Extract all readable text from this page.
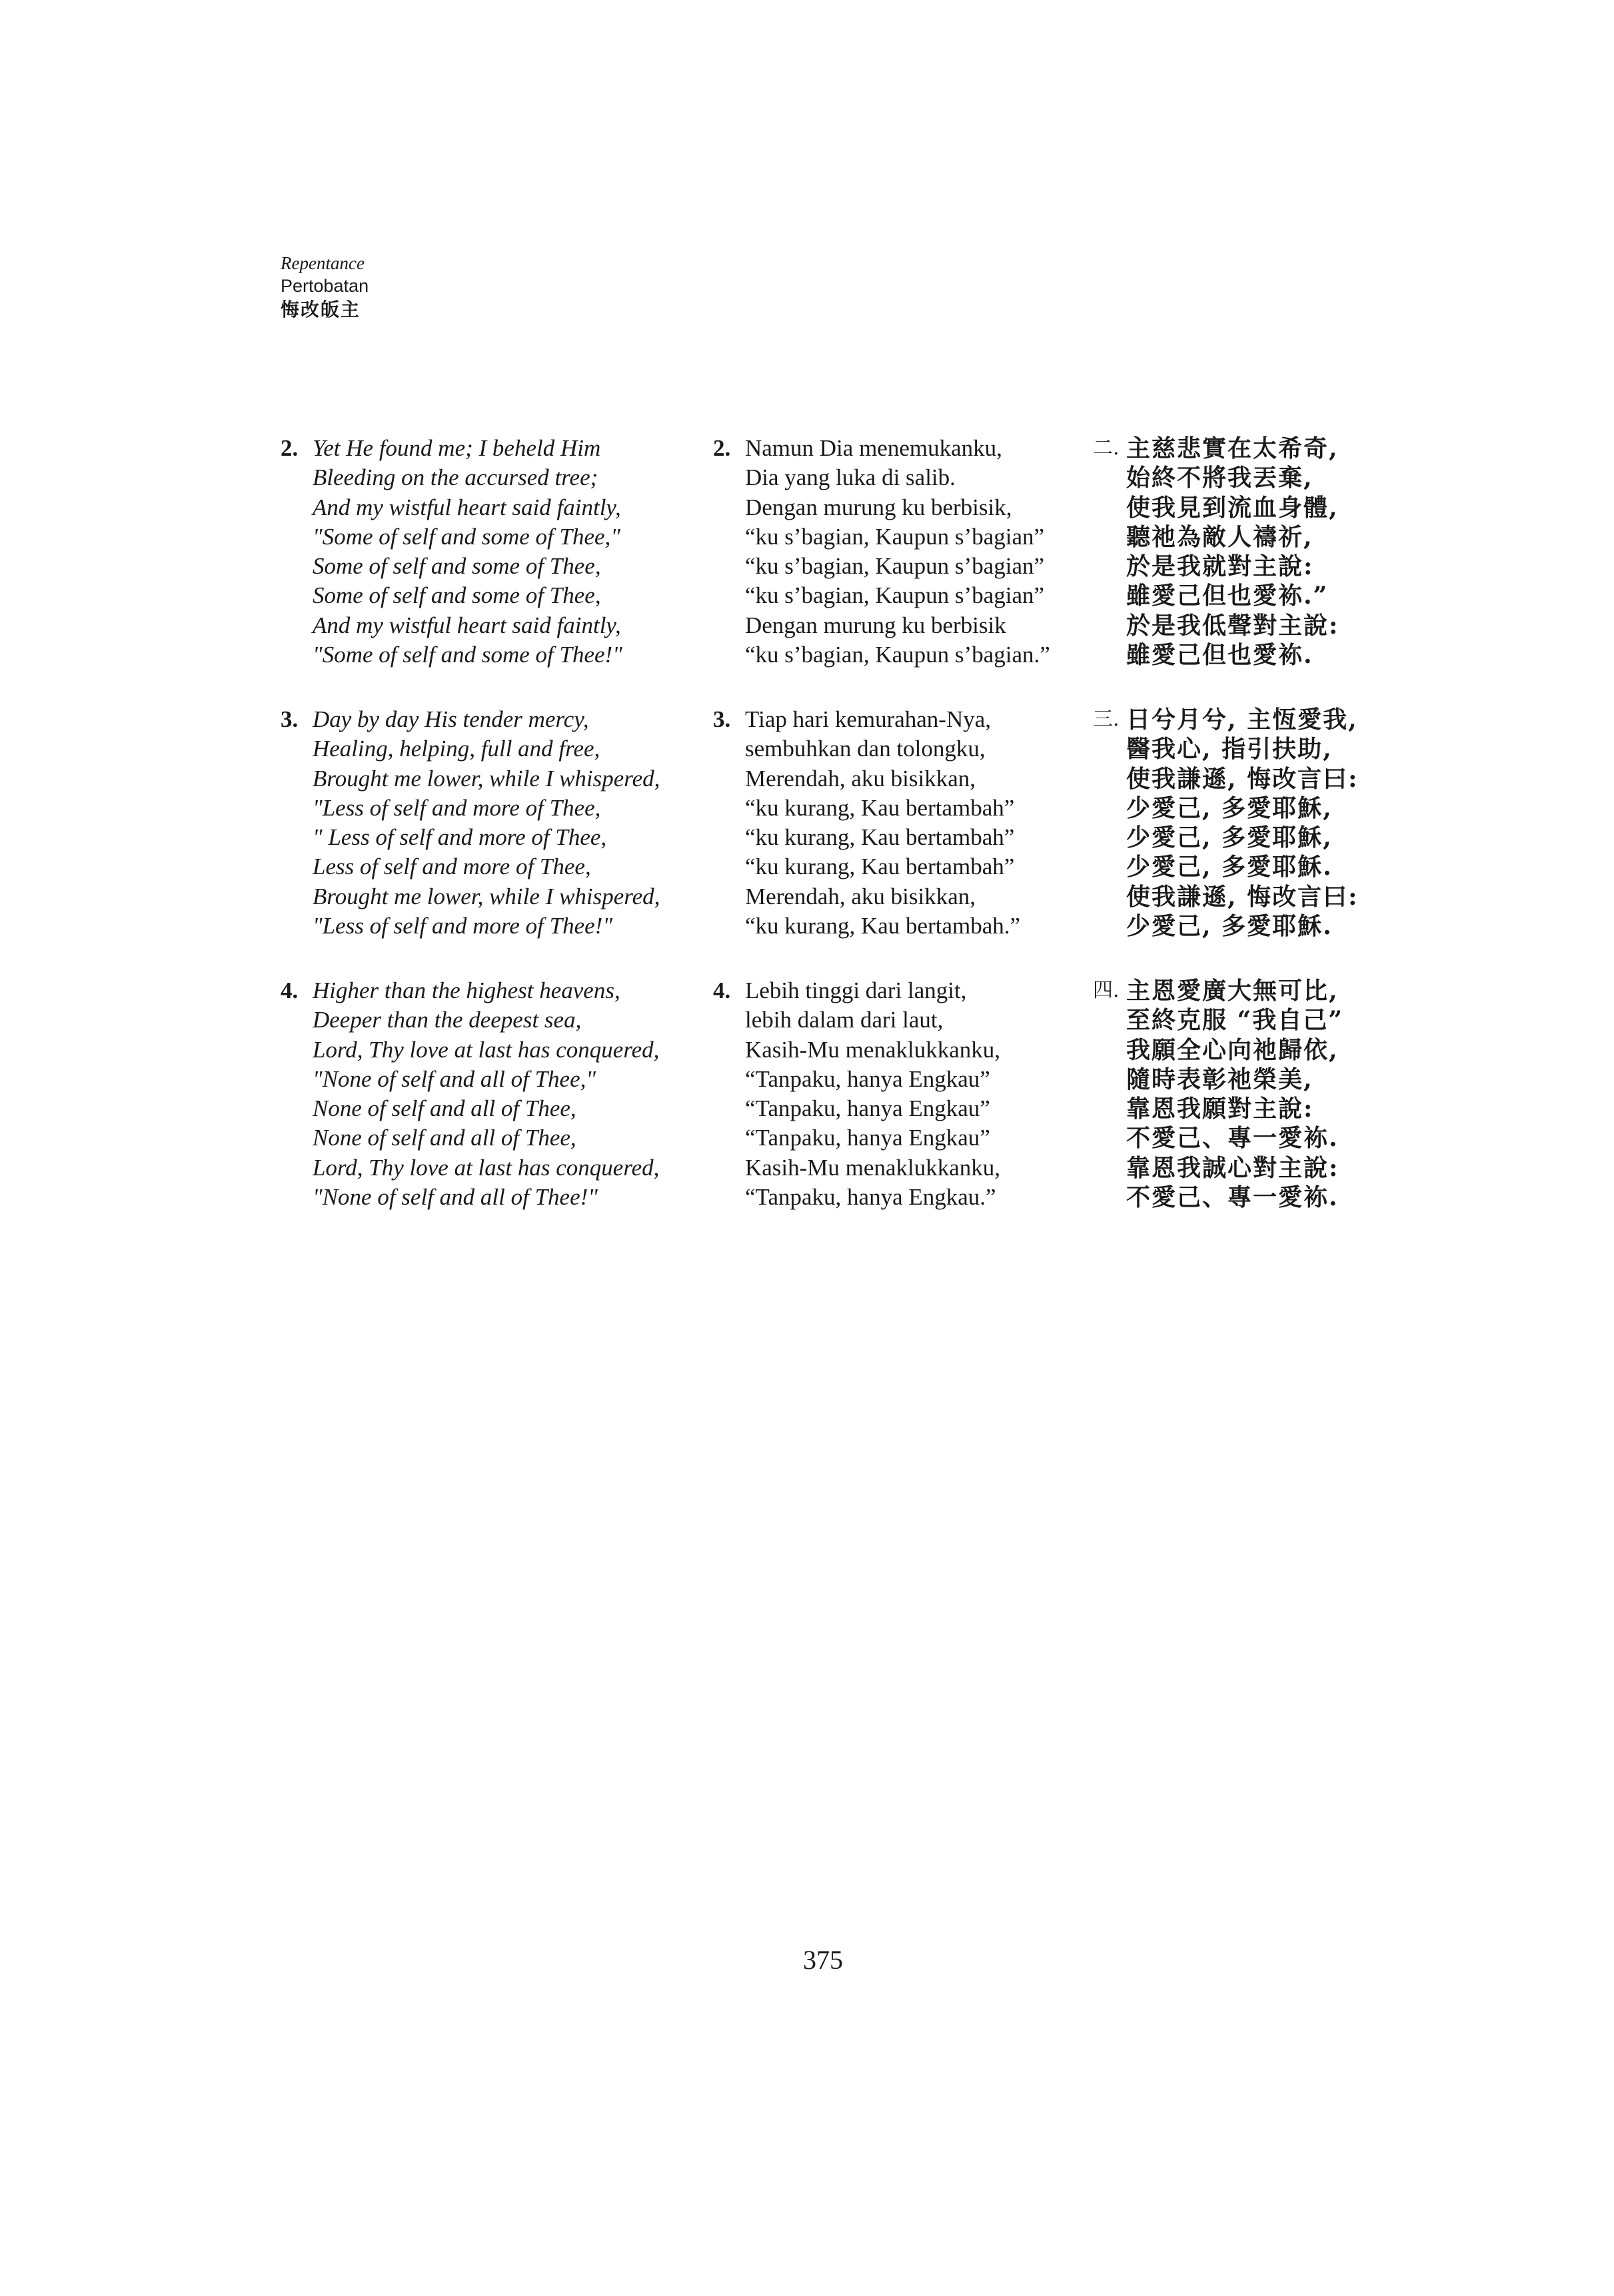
Repentance
Pertobatan
悔改皈主
2. Yet He found me; I beheld Him
Bleeding on the accursed tree;
And my wistful heart said faintly,
"Some of self and some of Thee,"
Some of self and some of Thee,
Some of self and some of Thee,
And my wistful heart said faintly,
"Some of self and some of Thee!"
3. Day by day His tender mercy,
Healing, helping, full and free,
Brought me lower, while I whispered,
"Less of self and more of Thee,
" Less of self and more of Thee,
Less of self and more of Thee,
Brought me lower, while I whispered,
"Less of self and more of Thee!"
4. Higher than the highest heavens,
Deeper than the deepest sea,
Lord, Thy love at last has conquered,
"None of self and all of Thee,"
None of self and all of Thee,
None of self and all of Thee,
Lord, Thy love at last has conquered,
"None of self and all of Thee!"
2. Namun Dia menemukanku,
Dia yang luka di salib.
Dengan murung ku berbisik,
“ku s’bagian, Kaupun s’bagian”
“ku s’bagian, Kaupun s’bagian”
“ku s’bagian, Kaupun s’bagian”
Dengan murung ku berbisik
“ku s’bagian, Kaupun s’bagian.”
3. Tiap hari kemurahan-Nya,
sembuhkan dan tolongku,
Merendah, aku bisikkan,
“ku kurang, Kau bertambah”
“ku kurang, Kau bertambah”
“ku kurang, Kau bertambah”
Merendah, aku bisikkan,
“ku kurang, Kau bertambah.”
4. Lebih tinggi dari langit,
lebih dalam dari laut,
Kasih-Mu menaklukkanku,
“Tanpaku, hanya Engkau”
“Tanpaku, hanya Engkau”
“Tanpaku, hanya Engkau”
Kasih-Mu menaklukkanku,
“Tanpaku, hanya Engkau.”
二. 主慈悲實在太希奇,
始終不將我丟棄,
使我見到流血身體,
聽祂為敵人禱祈,
於是我就對主說:
雖愛己但也愛袮.”
於是我低聲對主說:
雖愛己但也愛袮.
三. 日兮月兮, 主恆愛我,
醫我心, 指引扶助,
使我謙遜, 悔改言曰:
少愛己, 多愛耶穌,
少愛己, 多愛耶穌,
少愛己, 多愛耶穌.
使我謙遜, 悔改言曰:
少愛己, 多愛耶穌.
四. 主恩愛廣大無可比,
至終克服 “我自己”
我願全心向祂歸依,
隨時表彰祂榮美,
靠恩我願對主說:
不愛己、專一愛袮.
靠恩我誠心對主說:
不愛己、專一愛袮.
375
